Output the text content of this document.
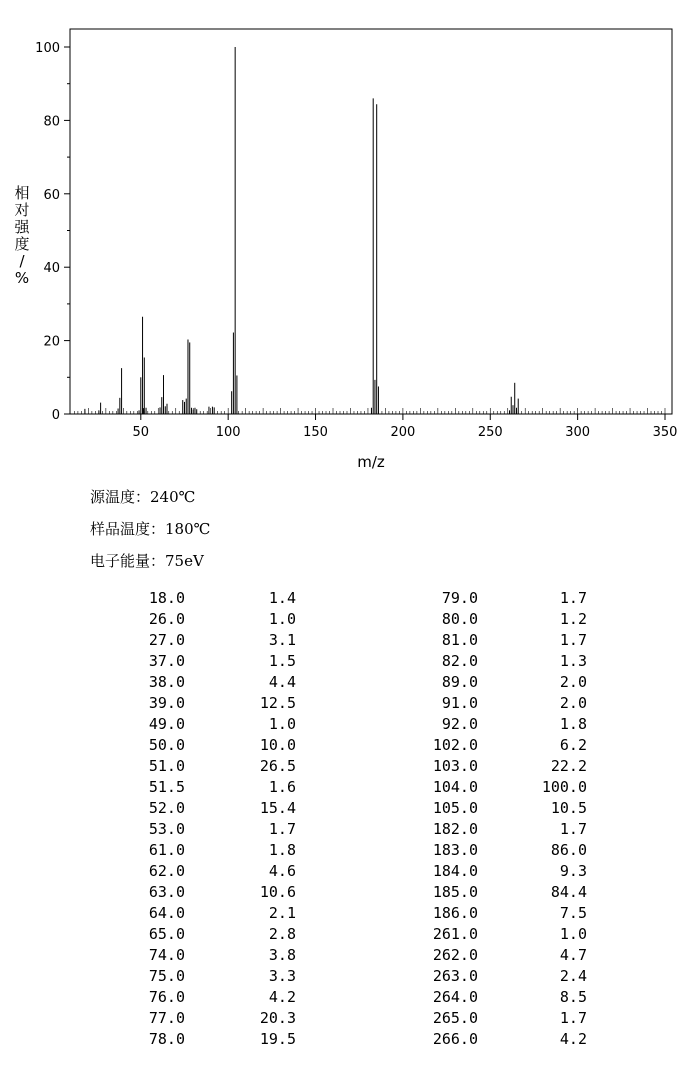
50	100	150	200	250	300	350
0
20
40
60
80
100
m/z
相对强度/ %
源温度：240℃
样品温度：180℃
电子能量：75eV
18.0	1.4
26.0	1.0
27.0	3.1
37.0	1.5
38.0	4.4
39.0	12.5
49.0	1.0
50.0	10.0
51.0	26.5
51.5	1.6
52.0	15.4
53.0	1.7
61.0	1.8
62.0	4.6
63.0	10.6
64.0	2.1
65.0	2.8
74.0	3.8
75.0	3.3
76.0	4.2
77.0	20.3
78.0	19.5
79.0	1.7
80.0	1.2
81.0	1.7
82.0	1.3
89.0	2.0
91.0	2.0
92.0	1.8
102.0	6.2
103.0	22.2
104.0	100.0
105.0	10.5
182.0	1.7
183.0	86.0
184.0	9.3
185.0	84.4
186.0	7.5
261.0	1.0
262.0	4.7
263.0	2.4
264.0	8.5
265.0	1.7
266.0	4.2
